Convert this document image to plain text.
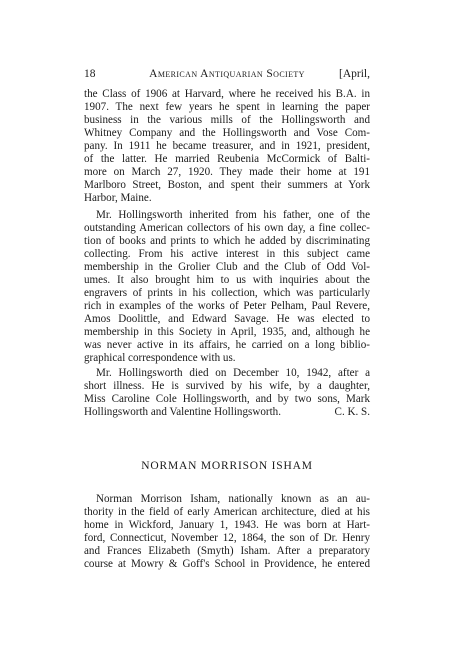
18	American Antiquarian Society	[April,
the Class of 1906 at Harvard, where he received his B.A. in
1907. The next few years he spent in learning the paper
business in the various mills of the Hollingsworth and
Whitney Company and the Hollingsworth and Vose Com-
pany. In 1911 he became treasurer, and in 1921, president,
of the latter. He married Reubenia McCormick of Balti-
more on March 27, 1920. They made their home at 191
Marlboro Street, Boston, and spent their summers at York
Harbor, Maine.
Mr. Hollingsworth inherited from his father, one of the
outstanding American collectors of his own day, a fine collec-
tion of books and prints to which he added by discriminating
collecting. From his active interest in this subject came
membership in the Grolier Club and the Club of Odd Vol-
umes. It also brought him to us with inquiries about the
engravers of prints in his collection, which was particularly
rich in examples of the works of Peter Pelham, Paul Revere,
Amos Doolittle, and Edward Savage. He was elected to
membership in this Society in April, 1935, and, although he
was never active in its affairs, he carried on a long biblio-
graphical correspondence with us.
Mr. Hollingsworth died on December 10, 1942, after a
short illness. He is survived by his wife, by a daughter,
Miss Caroline Cole Hollingsworth, and by two sons, Mark
Hollingsworth and Valentine Hollingsworth.	C. K. S.
NORMAN MORRISON ISHAM
Norman Morrison Isham, nationally known as an au-
thority in the field of early American architecture, died at his
home in Wickford, January 1, 1943. He was born at Hart-
ford, Connecticut, November 12, 1864, the son of Dr. Henry
and Frances Elizabeth (Smyth) Isham. After a preparatory
course at Mowry & Goff's School in Providence, he entered
